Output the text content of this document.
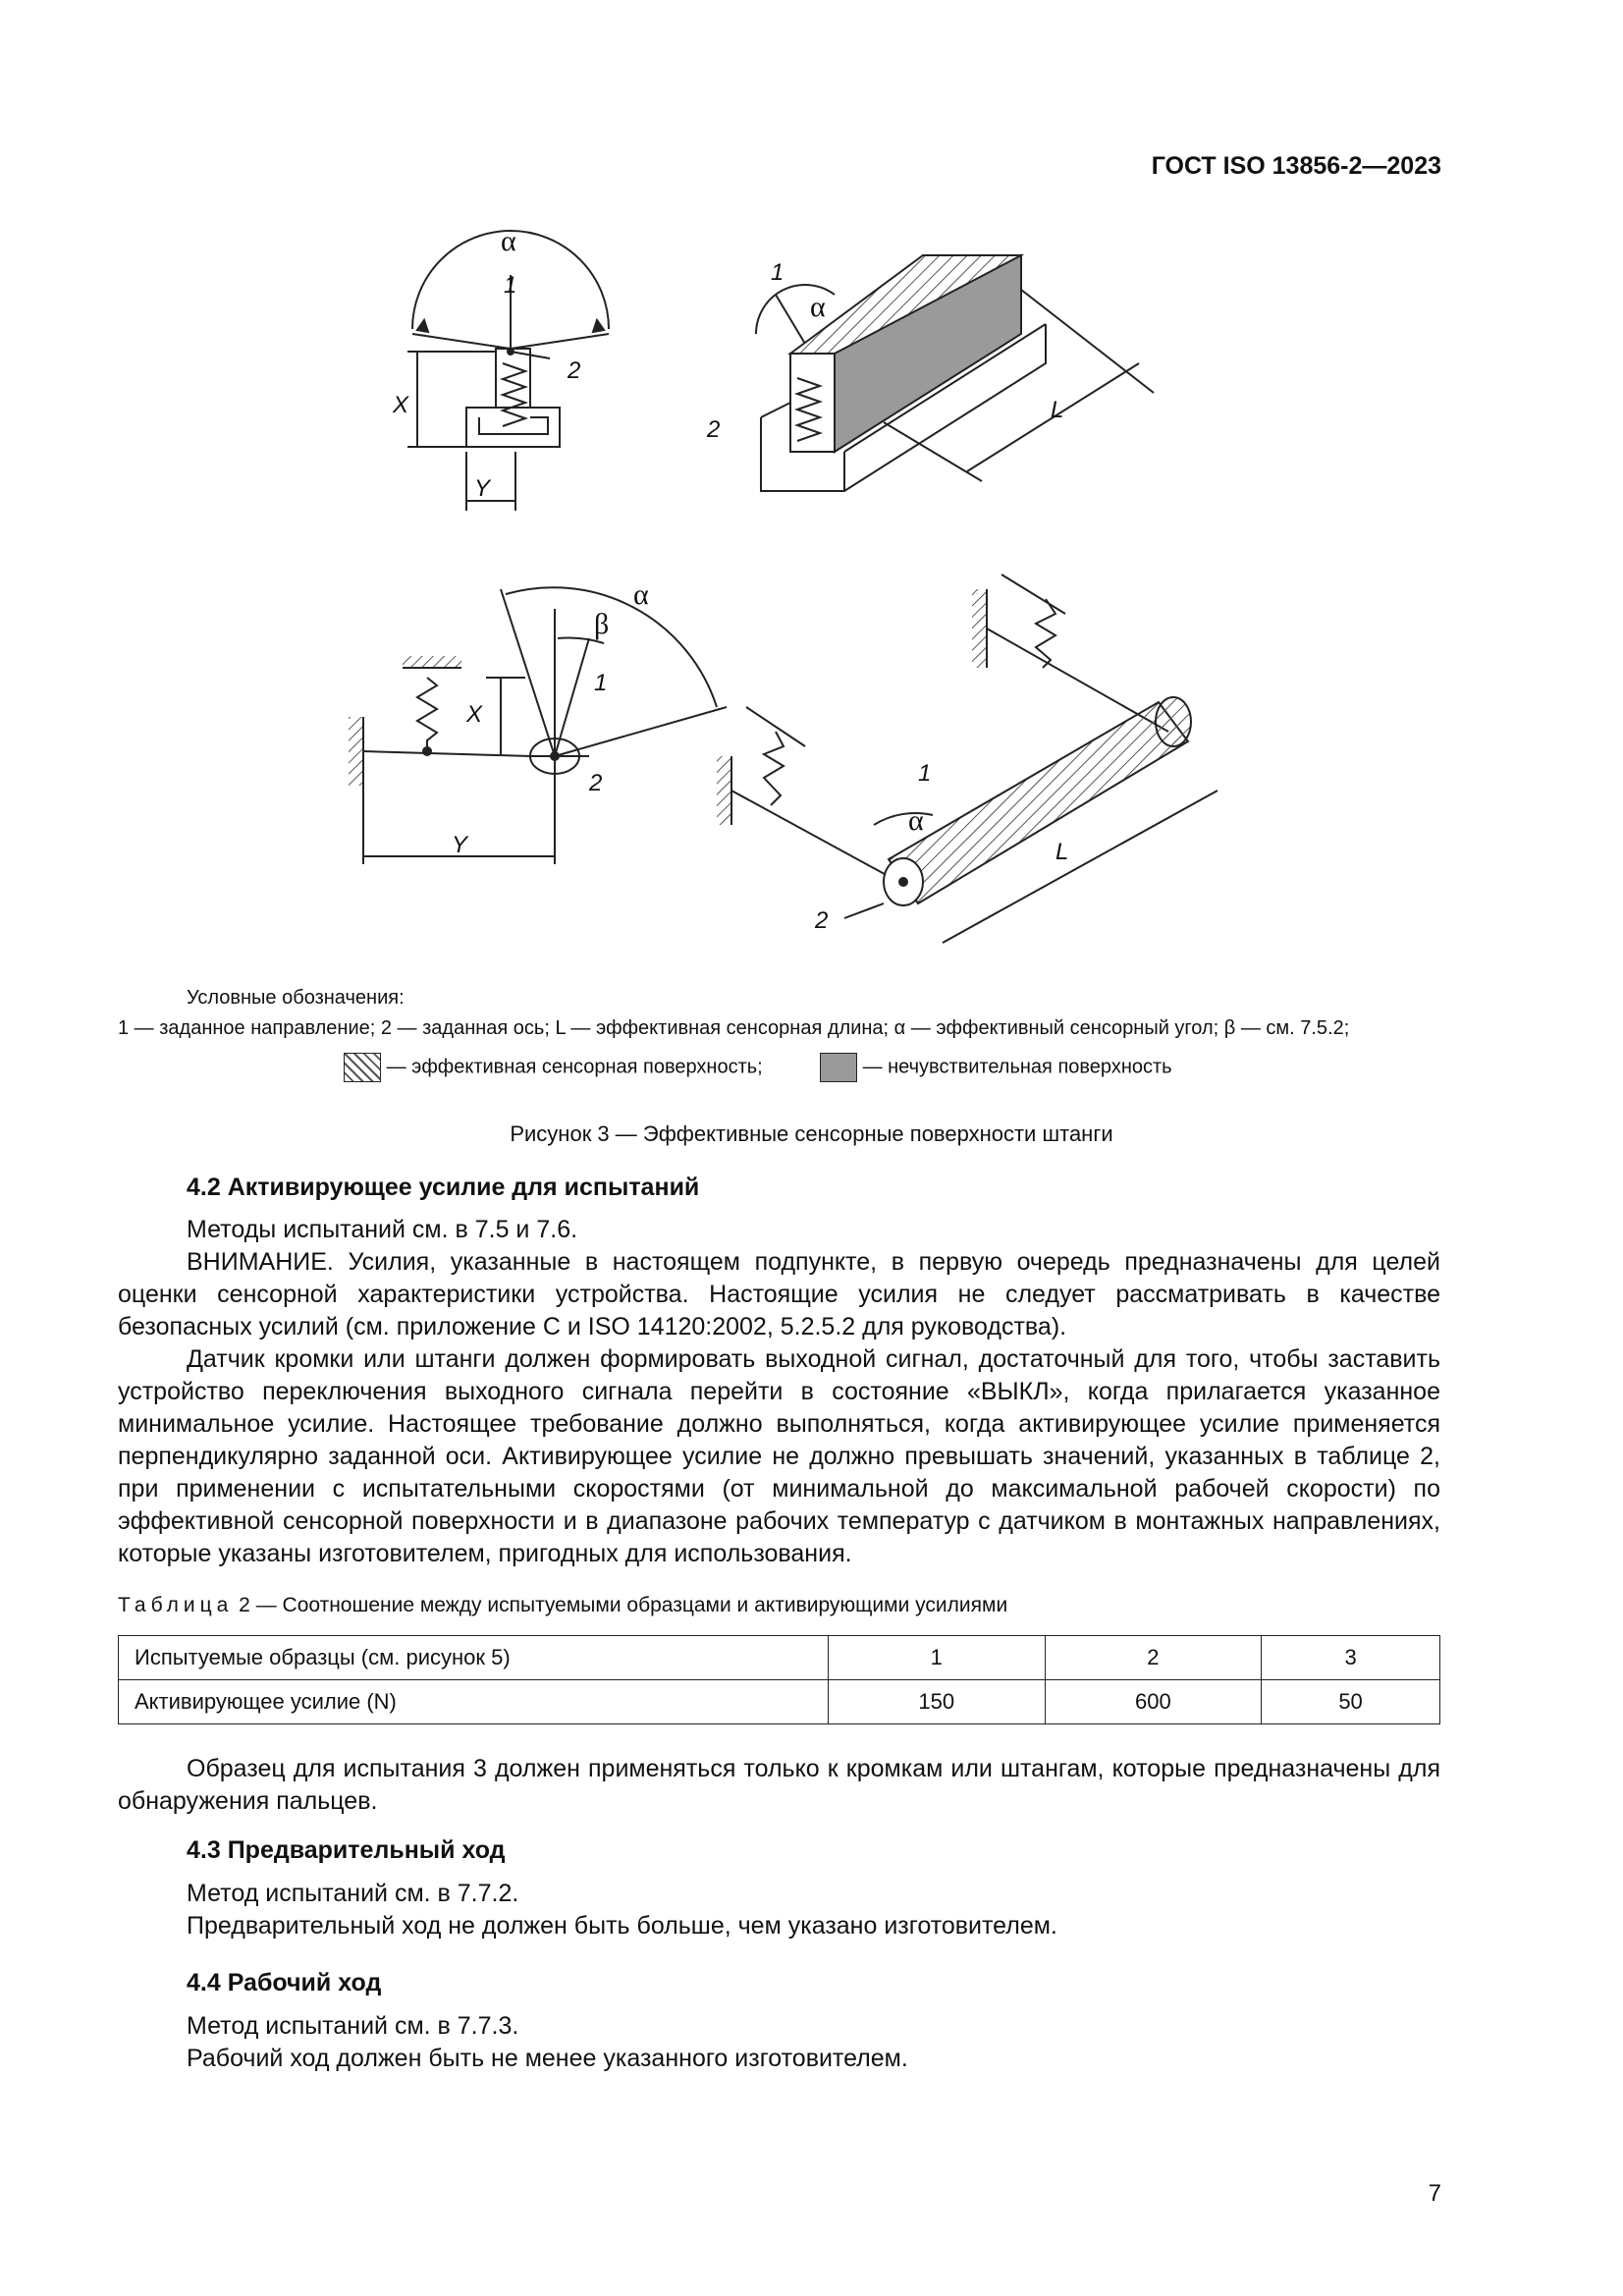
ГОСТ ISO 13856-2—2023
α
α
α
α
β
1
2
1
2
1
2	1
2
X
Y
X
Y
L
L
Условные обозначения:
1 — заданное направление; 2 — заданная ось; L — эффективная сенсорная длина; α — эффективный сенсорный угол; β — см. 7.5.2;
— эффективная сенсорная поверхность;	— нечувствительная поверхность
Рисунок 3 — Эффективные сенсорные поверхности штанги
4.2 Активирующее усилие для испытаний
Методы испытаний см. в 7.5 и 7.6.
ВНИМАНИЕ. Усилия, указанные в настоящем подпункте, в первую очередь предназначены для целей оценки сенсорной характеристики устройства. Настоящие усилия не следует рассматривать в качестве безопасных усилий (см. приложение С и ISO 14120:2002, 5.2.5.2 для руководства).
Датчик кромки или штанги должен формировать выходной сигнал, достаточный для того, чтобы заставить устройство переключения выходного сигнала перейти в состояние «ВЫКЛ», когда прилагается указанное минимальное усилие. Настоящее требование должно выполняться, когда активирующее усилие применяется перпендикулярно заданной оси. Активирующее усилие не должно превышать значений, указанных в таблице 2, при применении с испытательными скоростями (от минимальной до максимальной рабочей скорости) по эффективной сенсорной поверхности и в диапазоне рабочих температур с датчиком в монтажных направлениях, которые указаны изготовителем, пригодных для использования.
Таблица 2 — Соотношение между испытуемыми образцами и активирующими усилиями
Испытуемые образцы (см. рисунок 5)	1	2	3
Активирующее усилие (N)	150	600	50
Образец для испытания 3 должен применяться только к кромкам или штангам, которые предназначены для обнаружения пальцев.
4.3 Предварительный ход
Метод испытаний см. в 7.7.2.
Предварительный ход не должен быть больше, чем указано изготовителем.
4.4 Рабочий ход
Метод испытаний см. в 7.7.3.
Рабочий ход должен быть не менее указанного изготовителем.
7
